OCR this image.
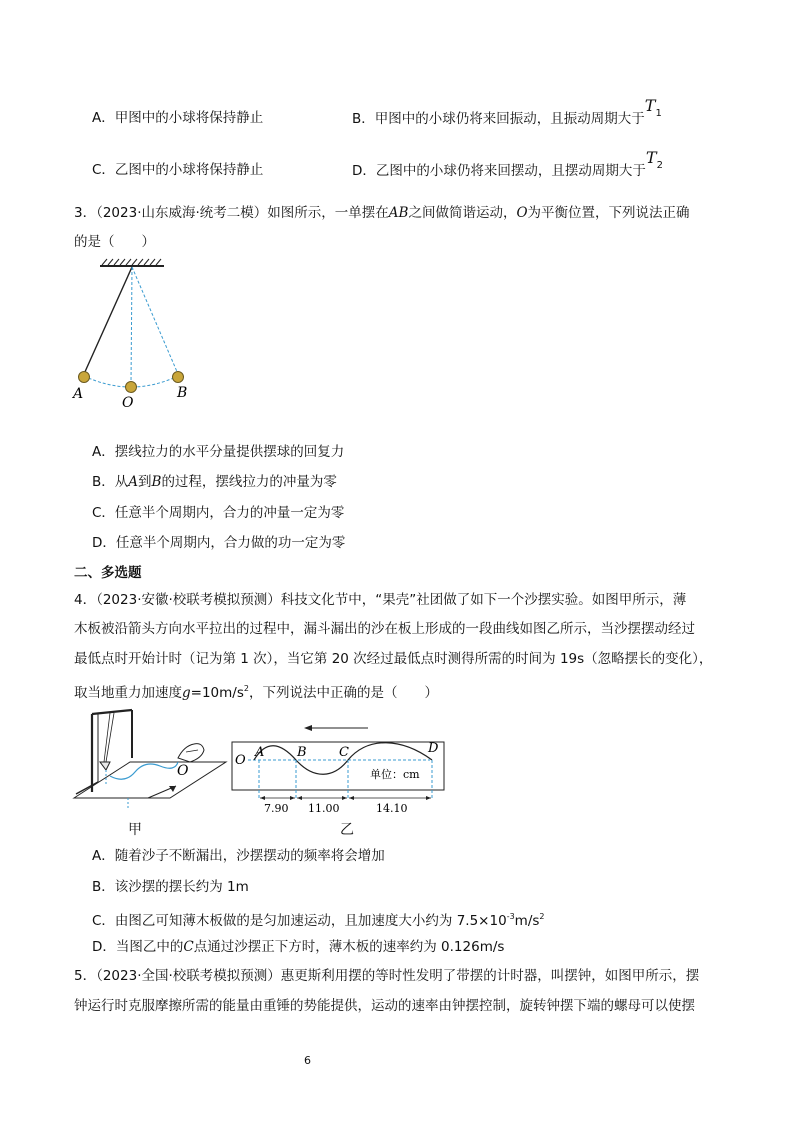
A．甲图中的小球将保持静止	B．甲图中的小球仍将来回振动，且振动周期大于$T^1$
C．乙图中的小球将保持静止	D．乙图中的小球仍将来回摆动，且摆动周期大于$T^2$
3．（2023·山东威海·统考二模）如图所示，一单摆在AB之间做简谐运动，O为平衡位置，下列说法正确
的是（　　）
A
O
B
A．摆线拉力的水平分量提供摆球的回复力
B．从A到B的过程，摆线拉力的冲量为零
C．任意半个周期内，合力的冲量一定为零
D．任意半个周期内，合力做的功一定为零
二、多选题
4．（2023·安徽·校联考模拟预测）科技文化节中，“果壳”社团做了如下一个沙摆实验。如图甲所示，薄
木板被沿箭头方向水平拉出的过程中，漏斗漏出的沙在板上形成的一段曲线如图乙所示，当沙摆摆动经过
最低点时开始计时（记为第 1 次），当它第 20 次经过最低点时测得所需的时间为 19s（忽略摆长的变化），
取当地重力加速度$g=10m/s^2$，下列说法中正确的是（　　）
O
甲
O
A	B C	D
单位：cm
7.90 11.00	14.10
乙
A．随着沙子不断漏出，沙摆摆动的频率将会增加
B．该沙摆的摆长约为 1m
C．由图乙可知薄木板做的是匀加速运动，且加速度大小约为 $7.5\times 10^{-3}m/s^2$
D．当图乙中的C点通过沙摆正下方时，薄木板的速率约为 0.126m/s
5．（2023·全国·校联考模拟预测）惠更斯利用摆的等时性发明了带摆的计时器，叫摆钟，如图甲所示，摆
钟运行时克服摩擦所需的能量由重锤的势能提供，运动的速率由钟摆控制，旋转钟摆下端的螺母可以使摆
6
